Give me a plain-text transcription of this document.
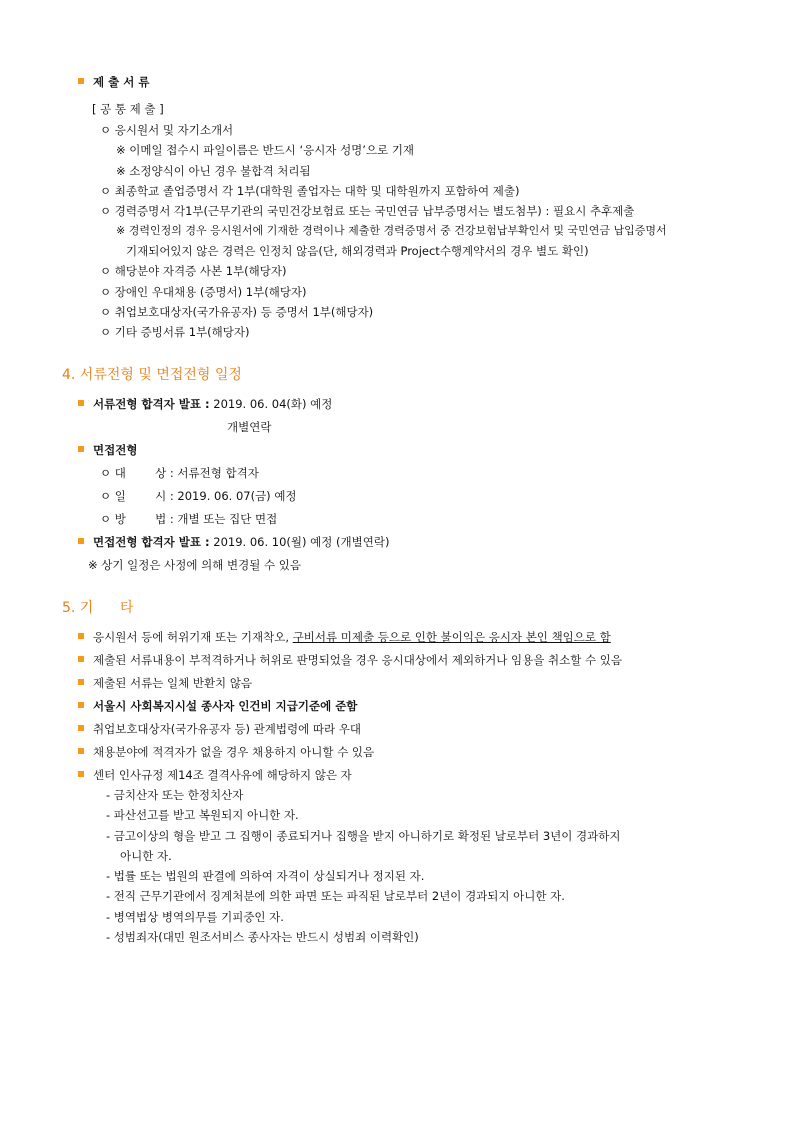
제 출 서 류
[ 공 통 제 출 ]
ㅇ 응시원서 및 자기소개서
※ 이메일 접수시 파일이름은 반드시 ‘응시자 성명’으로 기재
※ 소정양식이 아닌 경우 불합격 처리됨
ㅇ 최종학교 졸업증명서 각 1부(대학원 졸업자는 대학 및 대학원까지 포함하여 제출)
ㅇ 경력증명서 각1부(근무기관의 국민건강보험료 또는 국민연금 납부증명서는 별도첨부) : 필요시 추후제출
※ 경력인정의 경우 응시원서에 기재한 경력이나 제출한 경력증명서 중 건강보험납부확인서 및 국민연금 납입증명서
기재되어있지 않은 경력은 인정치 않음(단, 해외경력과 Project수행계약서의 경우 별도 확인)
ㅇ 해당분야 자격증 사본 1부(해당자)
ㅇ 장애인 우대채용 (증명서) 1부(해당자)
ㅇ 취업보호대상자(국가유공자) 등 증명서 1부(해당자)
ㅇ 기타 증빙서류 1부(해당자)
4. 서류전형 및 면접전형 일정
서류전형 합격자 발표 : 2019. 06. 04(화) 예정
개별연락
면접전형
ㅇ 대        상 : 서류전형 합격자
ㅇ 일        시 : 2019. 06. 07(금) 예정
ㅇ 방        법 : 개별 또는 집단 면접
면접전형 합격자 발표 : 2019. 06. 10(월) 예정 (개별연락)
※ 상기 일정은 사정에 의해 변경될 수 있음
5. 기      타
응시원서 등에 허위기재 또는 기재착오, 구비서류 미제출 등으로 인한 불이익은 응시자 본인 책임으로 함
제출된 서류내용이 부적격하거나 허위로 판명되었을 경우 응시대상에서 제외하거나 임용을 취소할 수 있음
제출된 서류는 일체 반환치 않음
서울시 사회복지시설 종사자 인건비 지급기준에 준함
취업보호대상자(국가유공자 등) 관계법령에 따라 우대
채용분야에 적격자가 없을 경우 채용하지 아니할 수 있음
센터 인사규정 제14조 결격사유에 해당하지 않은 자
- 금치산자 또는 한정치산자
- 파산선고를 받고 복원되지 아니한 자.
- 금고이상의 형을 받고 그 집행이 종료되거나 집행을 받지 아니하기로 확정된 날로부터 3년이 경과하지
아니한 자.
- 법률 또는 법원의 판결에 의하여 자격이 상실되거나 정지된 자.
- 전직 근무기관에서 징계처분에 의한 파면 또는 파직된 날로부터 2년이 경과되지 아니한 자.
- 병역법상 병역의무를 기피중인 자.
- 성범죄자(대민 원조서비스 종사자는 반드시 성범죄 이력확인)
